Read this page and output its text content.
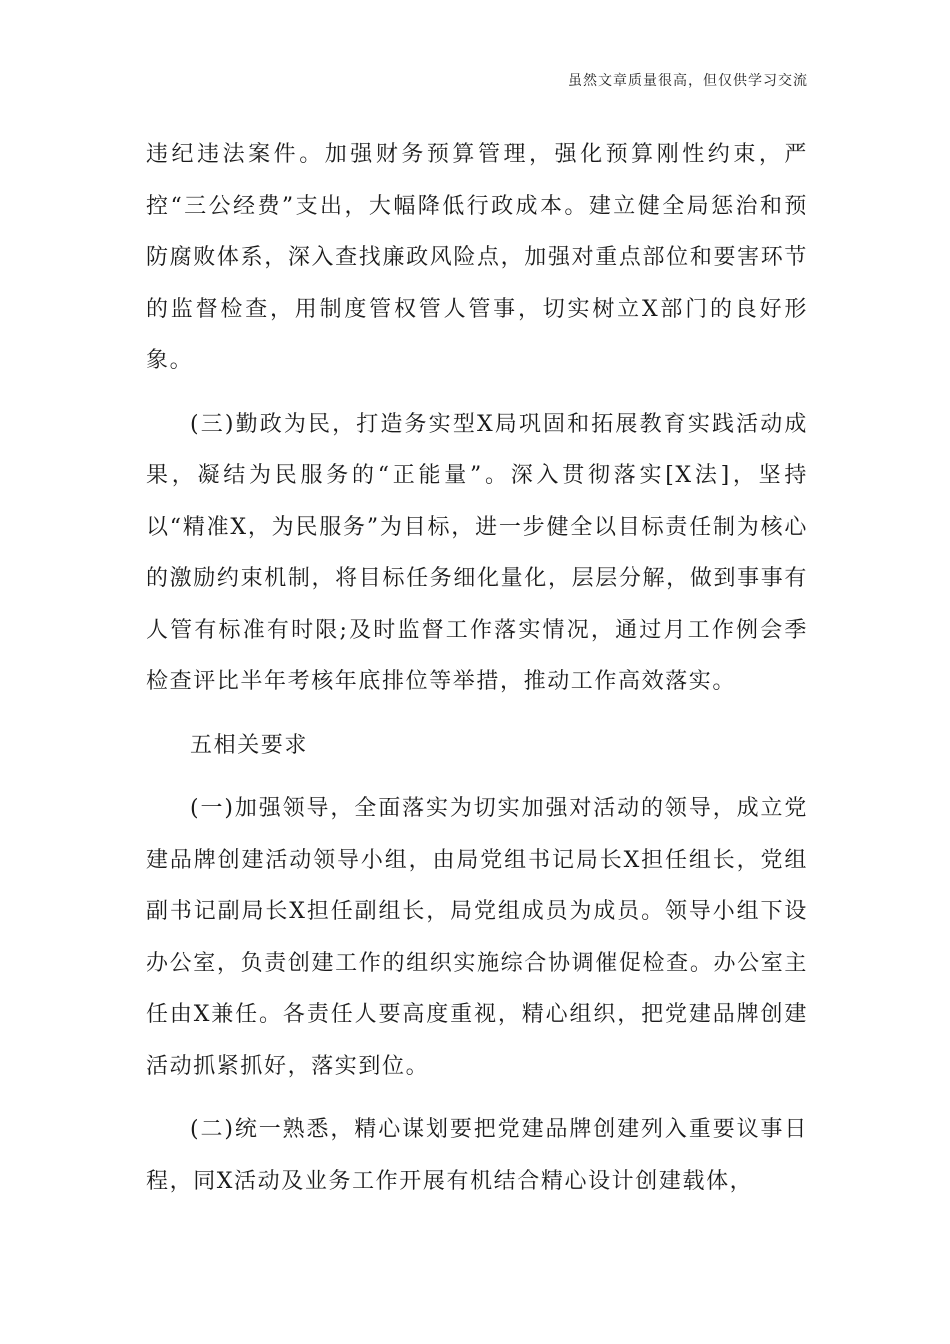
虽然文章质量很高，但仅供学习交流

违纪违法案件。加强财务预算管理，强化预算刚性约束，严控“三公经费”支出，大幅降低行政成本。建立健全局惩治和预防腐败体系，深入查找廉政风险点，加强对重点部位和要害环节的监督检查，用制度管权管人管事，切实树立X部门的良好形象。

(三)勤政为民，打造务实型X局巩固和拓展教育实践活动成果，凝结为民服务的“正能量”。深入贯彻落实[X法]，坚持以“精准X，为民服务”为目标，进一步健全以目标责任制为核心的激励约束机制，将目标任务细化量化，层层分解，做到事事有人管有标准有时限;及时监督工作落实情况，通过月工作例会季检查评比半年考核年底排位等举措，推动工作高效落实。

五相关要求

(一)加强领导，全面落实为切实加强对活动的领导，成立党建品牌创建活动领导小组，由局党组书记局长X担任组长，党组副书记副局长X担任副组长，局党组成员为成员。领导小组下设办公室，负责创建工作的组织实施综合协调催促检查。办公室主任由X兼任。各责任人要高度重视，精心组织，把党建品牌创建活动抓紧抓好，落实到位。

(二)统一熟悉，精心谋划要把党建品牌创建列入重要议事日程，同X活动及业务工作开展有机结合精心设计创建载体，
